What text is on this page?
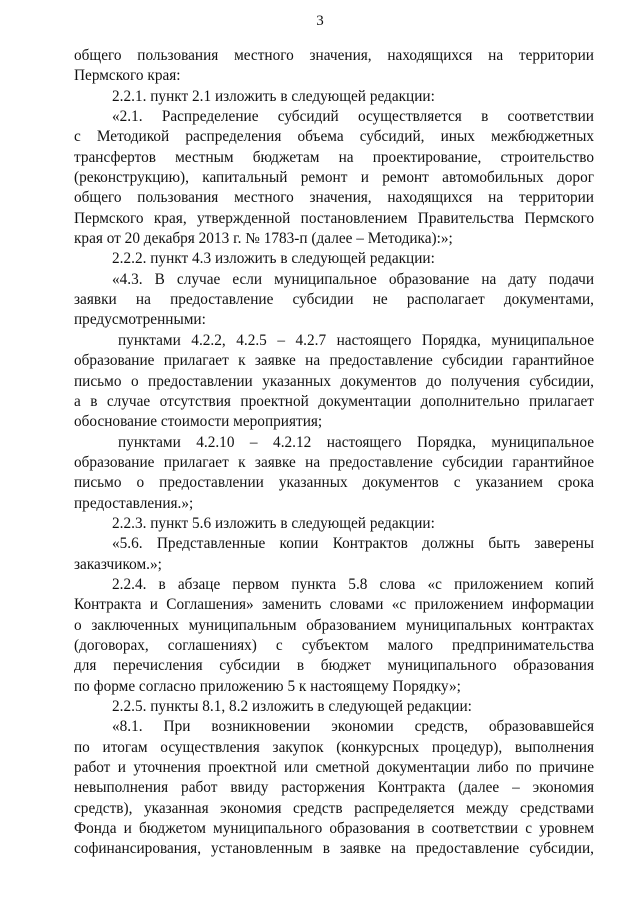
3
общего пользования местного значения, находящихся на территории
Пермского края:
2.2.1. пункт 2.1 изложить в следующей редакции:
«2.1. Распределение субсидий осуществляется в соответствии
с Методикой распределения объема субсидий, иных межбюджетных
трансфертов местным бюджетам на проектирование, строительство
(реконструкцию), капитальный ремонт и ремонт автомобильных дорог
общего пользования местного значения, находящихся на территории
Пермского края, утвержденной постановлением Правительства Пермского
края от 20 декабря 2013 г. № 1783-п (далее – Методика):»;
2.2.2. пункт 4.3 изложить в следующей редакции:
«4.3. В случае если муниципальное образование на дату подачи
заявки на предоставление субсидии не располагает документами,
предусмотренными:
пунктами 4.2.2, 4.2.5 – 4.2.7 настоящего Порядка, муниципальное
образование прилагает к заявке на предоставление субсидии гарантийное
письмо о предоставлении указанных документов до получения субсидии,
а в случае отсутствия проектной документации дополнительно прилагает
обоснование стоимости мероприятия;
пунктами 4.2.10 – 4.2.12 настоящего Порядка, муниципальное
образование прилагает к заявке на предоставление субсидии гарантийное
письмо о предоставлении указанных документов с указанием срока
предоставления.»;
2.2.3. пункт 5.6 изложить в следующей редакции:
«5.6. Представленные копии Контрактов должны быть заверены
заказчиком.»;
2.2.4. в абзаце первом пункта 5.8 слова «с приложением копий
Контракта и Соглашения» заменить словами «с приложением информации
о заключенных муниципальным образованием муниципальных контрактах
(договорах, соглашениях) с субъектом малого предпринимательства
для перечисления субсидии в бюджет муниципального образования
по форме согласно приложению 5 к настоящему Порядку»;
2.2.5. пункты 8.1, 8.2 изложить в следующей редакции:
«8.1. При возникновении экономии средств, образовавшейся
по итогам осуществления закупок (конкурсных процедур), выполнения
работ и уточнения проектной или сметной документации либо по причине
невыполнения работ ввиду расторжения Контракта (далее – экономия
средств), указанная экономия средств распределяется между средствами
Фонда и бюджетом муниципального образования в соответствии с уровнем
софинансирования, установленным в заявке на предоставление субсидии,
